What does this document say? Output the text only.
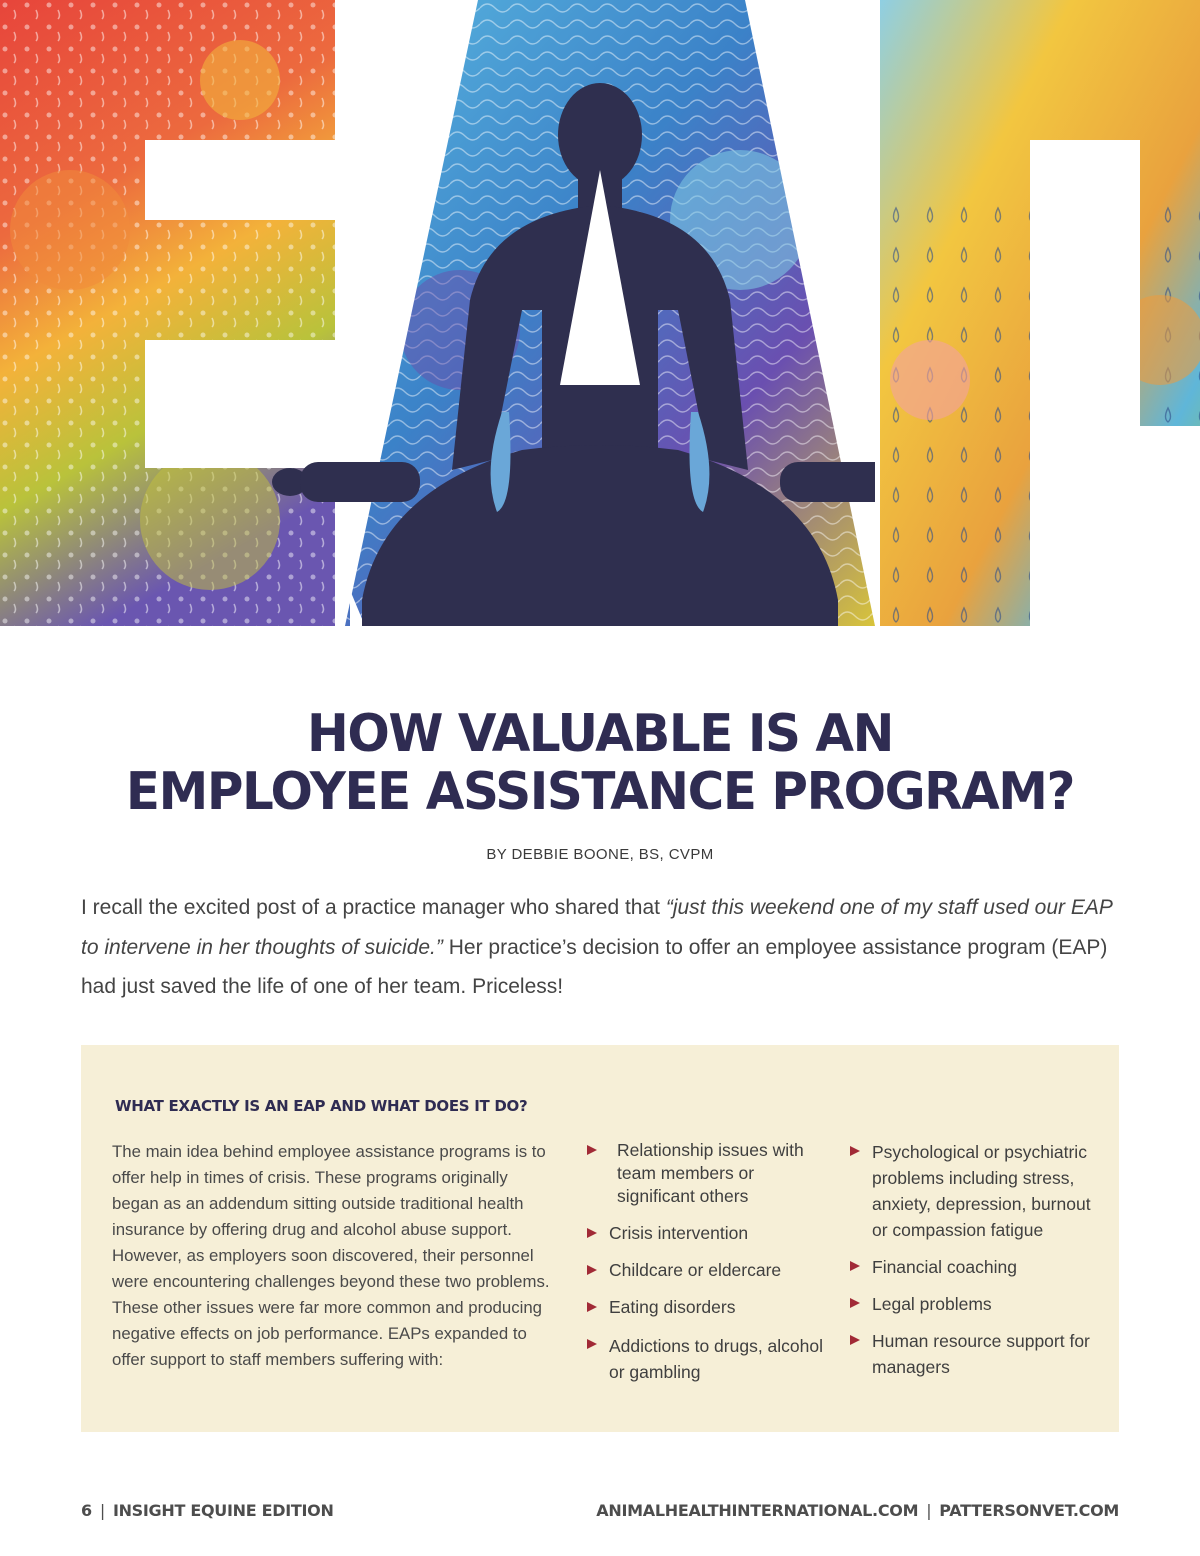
HOW VALUABLE IS AN
EMPLOYEE ASSISTANCE PROGRAM?
BY DEBBIE BOONE, BS, CVPM

I recall the excited post of a practice manager who shared that “just this weekend one of my staff used our EAP to intervene in her thoughts of suicide.” Her practice’s decision to offer an employee assistance program (EAP) had just saved the life of one of her team. Priceless!

WHAT EXACTLY IS AN EAP AND WHAT DOES IT DO?
The main idea behind employee assistance programs is to offer help in times of crisis. These programs originally began as an addendum sitting outside traditional health insurance by offering drug and alcohol abuse support. However, as employers soon discovered, their personnel were encountering challenges beyond these two problems. These other issues were far more common and producing negative effects on job performance. EAPs expanded to offer support to staff members suffering with:
Relationship issues with team members or significant others
Crisis intervention
Childcare or eldercare
Eating disorders
Addictions to drugs, alcohol or gambling
Psychological or psychiatric problems including stress, anxiety, depression, burnout or compassion fatigue
Financial coaching
Legal problems
Human resource support for managers
6 | INSIGHT EQUINE EDITION	ANIMALHEALTHINTERNATIONAL.COM | PATTERSONVET.COM
